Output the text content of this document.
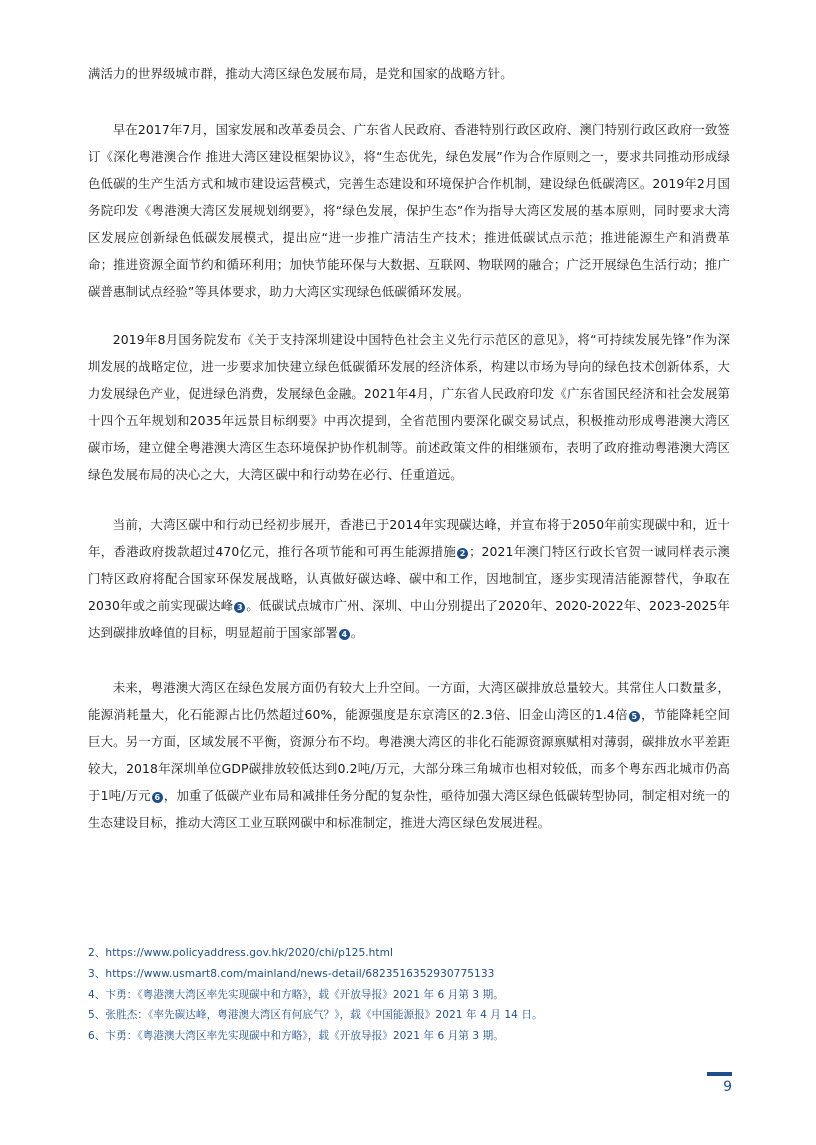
满活力的世界级城市群，推动大湾区绿色发展布局，是党和国家的战略方针。

早在2017年7月，国家发展和改革委员会、广东省人民政府、香港特别行政区政府、澳门特别行政区政府一致签订《深化粤港澳合作 推进大湾区建设框架协议》，将“生态优先，绿色发展”作为合作原则之一，要求共同推动形成绿色低碳的生产生活方式和城市建设运营模式，完善生态建设和环境保护合作机制，建设绿色低碳湾区。2019年2月国务院印发《粤港澳大湾区发展规划纲要》，将“绿色发展，保护生态”作为指导大湾区发展的基本原则，同时要求大湾区发展应创新绿色低碳发展模式，提出应“进一步推广清洁生产技术；推进低碳试点示范；推进能源生产和消费革命；推进资源全面节约和循环利用；加快节能环保与大数据、互联网、物联网的融合；广泛开展绿色生活行动；推广碳普惠制试点经验”等具体要求，助力大湾区实现绿色低碳循环发展。

2019年8月国务院发布《关于支持深圳建设中国特色社会主义先行示范区的意见》，将“可持续发展先锋”作为深圳发展的战略定位，进一步要求加快建立绿色低碳循环发展的经济体系，构建以市场为导向的绿色技术创新体系，大力发展绿色产业，促进绿色消费，发展绿色金融。2021年4月，广东省人民政府印发《广东省国民经济和社会发展第十四个五年规划和2035年远景目标纲要》中再次提到，全省范围内要深化碳交易试点，积极推动形成粤港澳大湾区碳市场，建立健全粤港澳大湾区生态环境保护协作机制等。前述政策文件的相继颁布，表明了政府推动粤港澳大湾区绿色发展布局的决心之大，大湾区碳中和行动势在必行、任重道远。

当前，大湾区碳中和行动已经初步展开，香港已于2014年实现碳达峰，并宣布将于2050年前实现碳中和，近十年，香港政府拨款超过470亿元，推行各项节能和可再生能源措施 2 ；2021年澳门特区行政长官贺一诚同样表示澳门特区政府将配合国家环保发展战略，认真做好碳达峰、碳中和工作，因地制宜，逐步实现清洁能源替代，争取在2030年或之前实现碳达峰 3 。低碳试点城市广州、深圳、中山分别提出了2020年、2020-2022年、2023-2025年达到碳排放峰值的目标，明显超前于国家部署 4 。

未来，粤港澳大湾区在绿色发展方面仍有较大上升空间。一方面，大湾区碳排放总量较大。其常住人口数量多，能源消耗量大，化石能源占比仍然超过60%，能源强度是东京湾区的2.3倍、旧金山湾区的1.4倍 5 ，节能降耗空间巨大。另一方面，区域发展不平衡，资源分布不均。粤港澳大湾区的非化石能源资源禀赋相对薄弱，碳排放水平差距较大，2018年深圳单位GDP碳排放较低达到0.2吨/万元，大部分珠三角城市也相对较低，而多个粤东西北城市仍高于1吨/万元 6 ，加重了低碳产业布局和减排任务分配的复杂性，亟待加强大湾区绿色低碳转型协同，制定相对统一的生态建设目标，推动大湾区工业互联网碳中和标准制定，推进大湾区绿色发展进程。

2、https://www.policyaddress.gov.hk/2020/chi/p125.html
3、https://www.usmart8.com/mainland/news-detail/6823516352930775133
4、卞勇：《粤港澳大湾区率先实现碳中和方略》，载《开放导报》2021 年 6 月第 3 期。
5、张胜杰：《率先碳达峰，粤港澳大湾区有何底气？》，载《中国能源报》2021 年 4 月 14 日。
6、卞勇：《粤港澳大湾区率先实现碳中和方略》，载《开放导报》2021 年 6 月第 3 期。
9
